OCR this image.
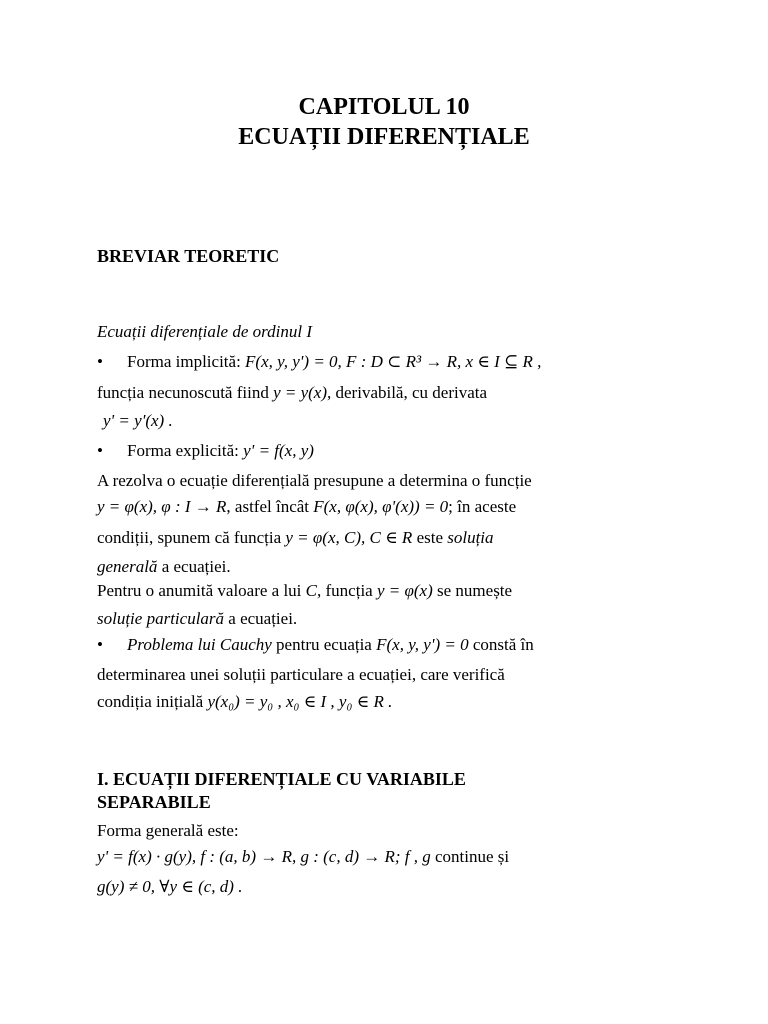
CAPITOLUL 10
ECUAȚII DIFERENȚIALE
BREVIAR TEORETIC
Ecuații diferențiale de ordinul I
• Forma implicită: F(x, y, y') = 0, F : D ⊂ R³ → R, x ∈ I ⊆ R ,
funcția necunoscută fiind y = y(x), derivabilă, cu derivata
y' = y'(x) .
• Forma explicită: y' = f(x, y)
A rezolva o ecuație diferențială presupune a determina o funcție
y = φ(x), φ : I → R, astfel încât F(x, φ(x), φ'(x)) = 0; în aceste
condiții, spunem că funcția y = φ(x, C), C ∈ R este soluția
generală a ecuației.
Pentru o anumită valoare a lui C, funcția y = φ(x) se numește
soluție particulară a ecuației.
• Problema lui Cauchy pentru ecuația F(x, y, y') = 0 constă în
determinarea unei soluții particulare a ecuației, care verifică
condiția inițială y(x₀) = y₀ , x₀ ∈ I , y₀ ∈ R .
I. ECUAȚII DIFERENȚIALE CU VARIABILE
SEPARABILE
Forma generală este:
y' = f(x) · g(y), f : (a, b) → R, g : (c, d) → R; f , g continue și
g(y) ≠ 0, ∀y ∈ (c, d) .
